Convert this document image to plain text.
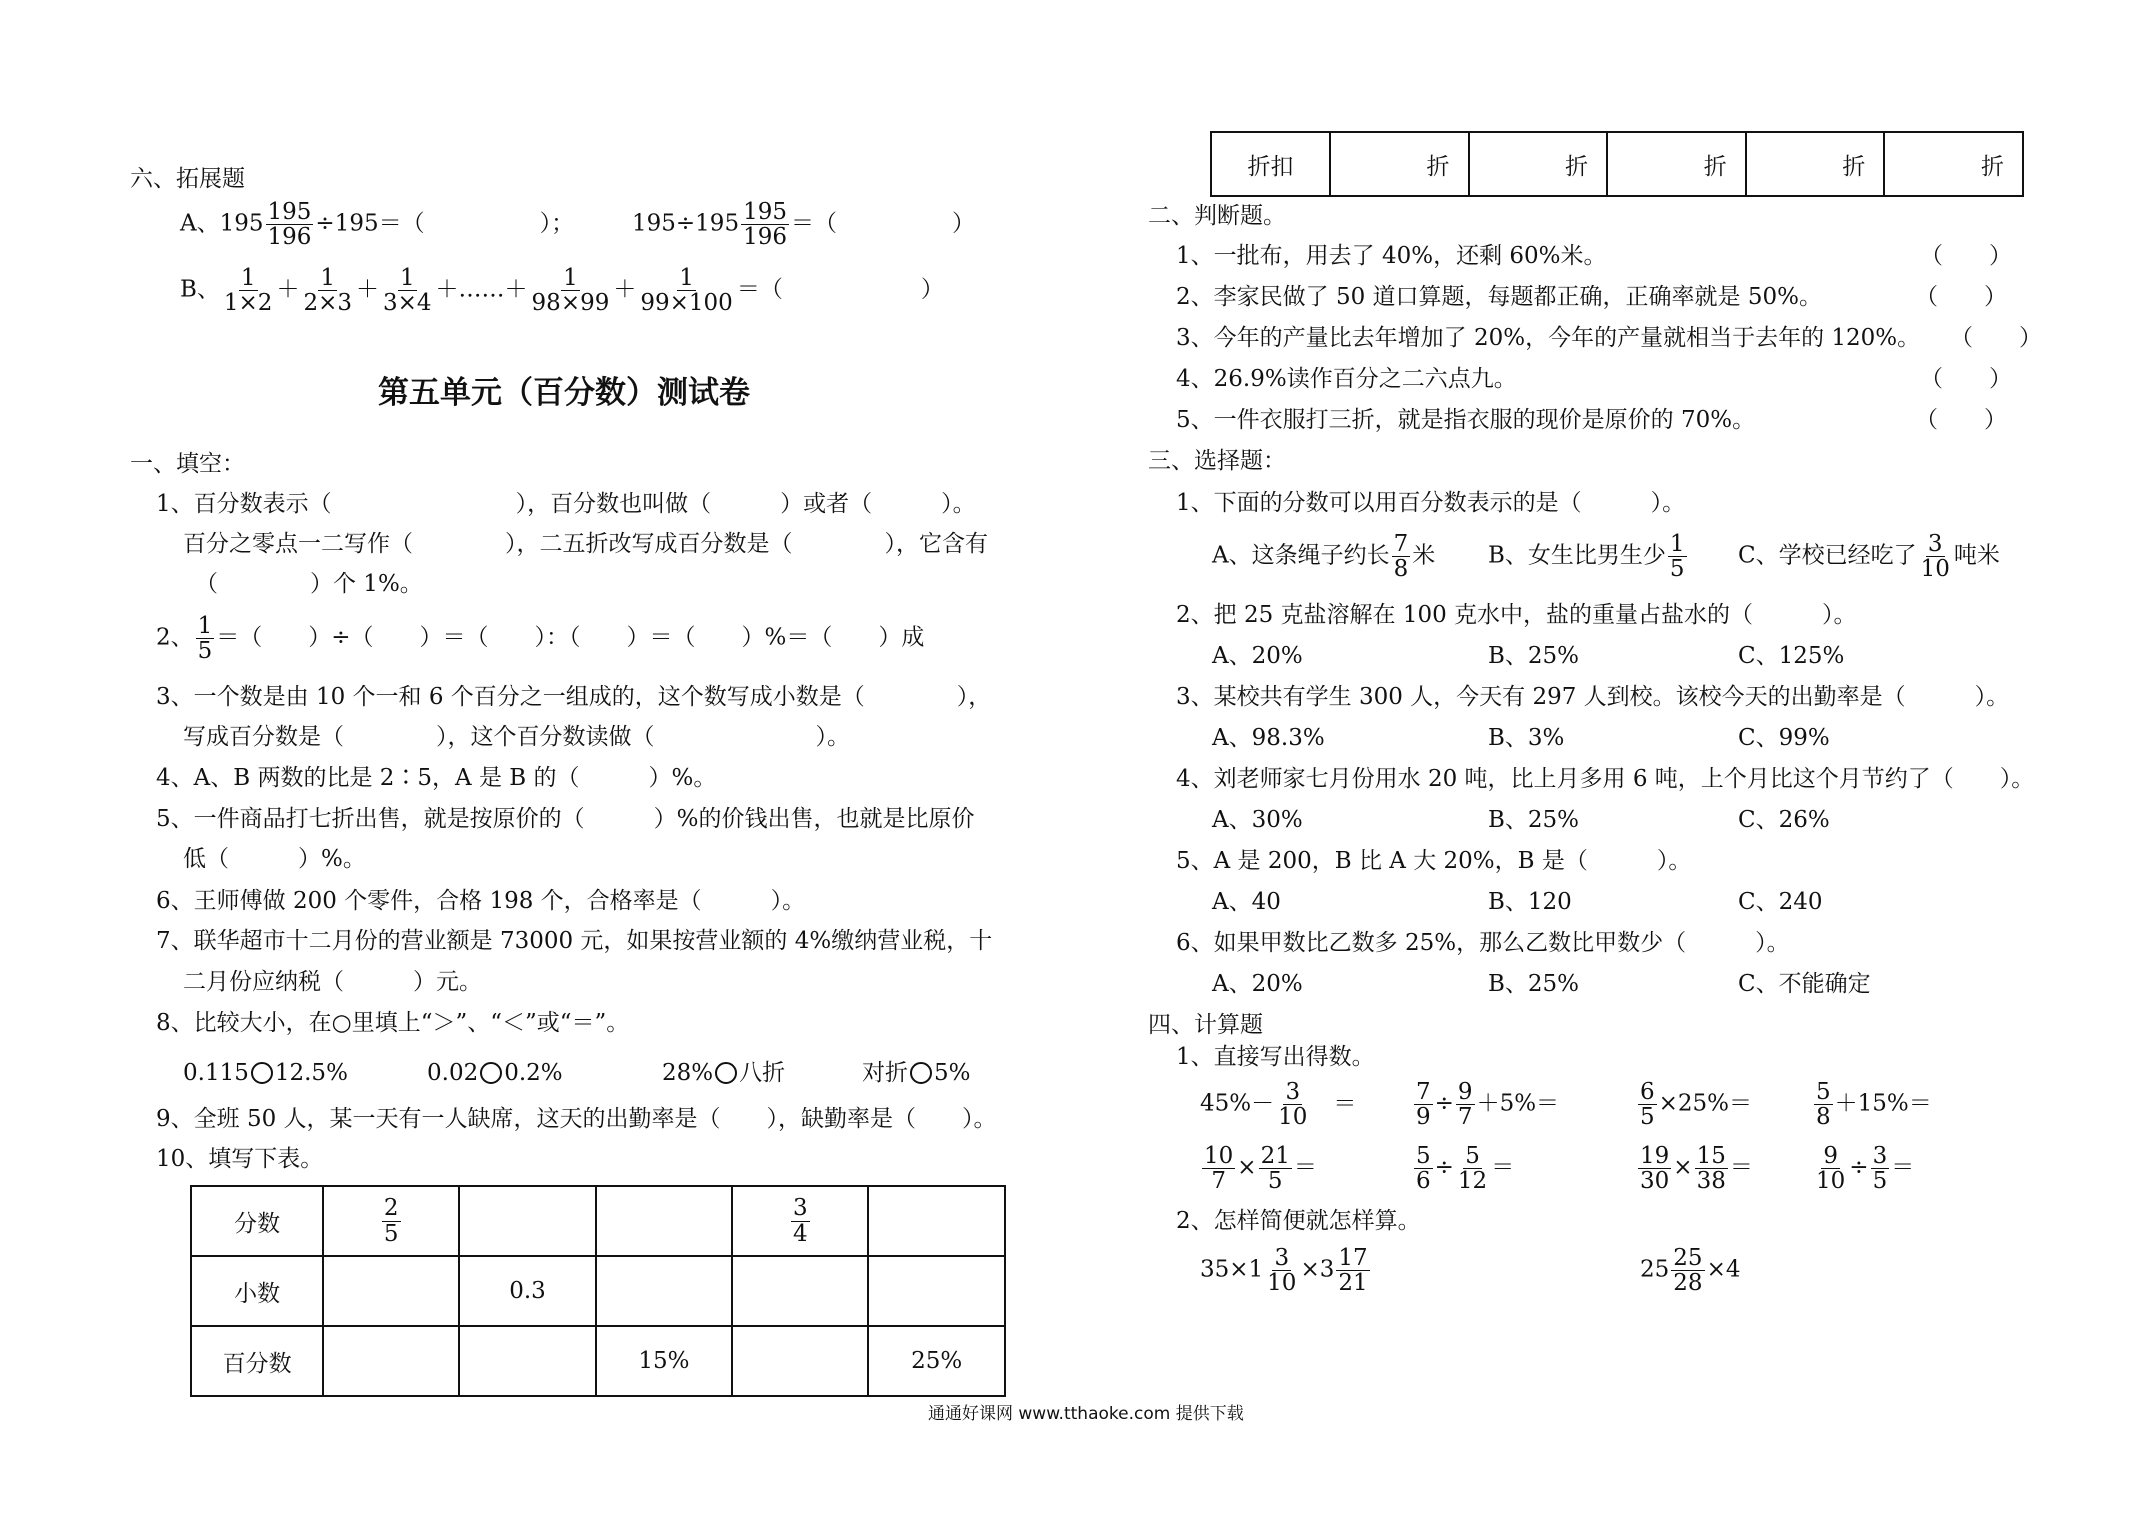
六、拓展题
A、$195 \frac{195}{196} \div 195=$（　　　　　）；	$195\div 195 \frac{195}{196}$ ＝（　　　　　）
B、 $\frac{1}{1\times 2} + \frac{1}{2\times 3} + \frac{1}{3\times 4}$ ＋……＋ $\frac{1}{98\times 99} + \frac{1}{99\times 100}$ ＝（　　　　　　）
第五单元（百分数）测试卷
一、填空：
1、百分数表示（　　　　　　　　），百分数也叫做（　　　）或者（　　　）。
百分之零点一二写作（　　　　），二五折改写成百分数是（　　　　），它含有
（　　　　）个 1%。
2、 $\frac{1}{5}$ ＝（　　）÷（　　）＝（　　）：（　　）＝（　　）%＝（　　）成
3、一个数是由 10 个一和 6 个百分之一组成的，这个数写成小数是（　　　　），
写成百分数是（　　　　），这个百分数读做（　　　　　　　）。
4、A、B 两数的比是 2∶5，A 是 B 的（　　　）%。
5、一件商品打七折出售，就是按原价的（　　　）%的价钱出售，也就是比原价
低（　　　）%。
6、王师傅做 200 个零件，合格 198 个，合格率是（　　　）。
7、联华超市十二月份的营业额是 73000 元，如果按营业额的 4%缴纳营业税，十
二月份应纳税（　　　）元。
8、比较大小，在○里填上“＞”、“＜”或“＝”。
0.115 12.5%	0.02 0.2%	28% 八折	对折 5%
9、全班 50 人，某一天有一人缺席，这天的出勤率是（　　），缺勤率是（　　）。
10、填写下表。
分数	$\frac{2}{5}$			$\frac{3}{4}$

小数		0.3			
百分数			15%		25%
折扣	折	折	折	折	折
二、判断题。
1、一批布，用去了 40%，还剩 60%米。
2、李家民做了 50 道口算题，每题都正确，正确率就是 50%。
3、今年的产量比去年增加了 20%，今年的产量就相当于去年的 120%。
4、26.9%读作百分之二六点九。
5、一件衣服打三折，就是指衣服的现价是原价的 70%。
（　　）
（　　）
（　　）
（　　）
（　　）
三、选择题：
1、下面的分数可以用百分数表示的是（　　　）。
A、这条绳子约长 $\frac{7}{8}$ 米 B、女生比男生少 $\frac{1}{5}$ C、学校已经吃了 $\frac{3}{10}$ 吨米
2、把 25 克盐溶解在 100 克水中，盐的重量占盐水的（　　　）。
A、20%	B、25%	C、125%
3、某校共有学生 300 人，今天有 297 人到校。该校今天的出勤率是（　　　）。
A、98.3%	B、3%	C、99%
4、刘老师家七月份用水 20 吨，比上月多用 6 吨，上个月比这个月节约了（　　）。
A、30%	B、25%	C、26%
5、A 是 200，B 比 A 大 20%，B 是（　　　）。
A、40	B、120	C、240
6、如果甲数比乙数多 25%，那么乙数比甲数少（　　　）。
A、20%	B、25%	C、不能确定
四、计算题
1、直接写出得数。
$45\%- \frac{3}{10}$ ＝	$\frac{7}{9} \div \frac{9}{7} +5\%=$	$\frac{6}{5} \times 25\%=$	$\frac{5}{8} +15\%=$
$\frac{10}{7} \times \frac{21}{5}$ ＝	$\frac{5}{6} \div \frac{5}{12}$ ＝	$\frac{19}{30} \times \frac{15}{38}$ ＝	$\frac{9}{10} \div \frac{3}{5}$ ＝
2、怎样简便就怎样算。
$35\times 1 \frac{3}{10} \times 3 \frac{17}{21}$	$25 \frac{25}{28} \times 4$
通通好课网 www.tthaoke.com 提供下载
